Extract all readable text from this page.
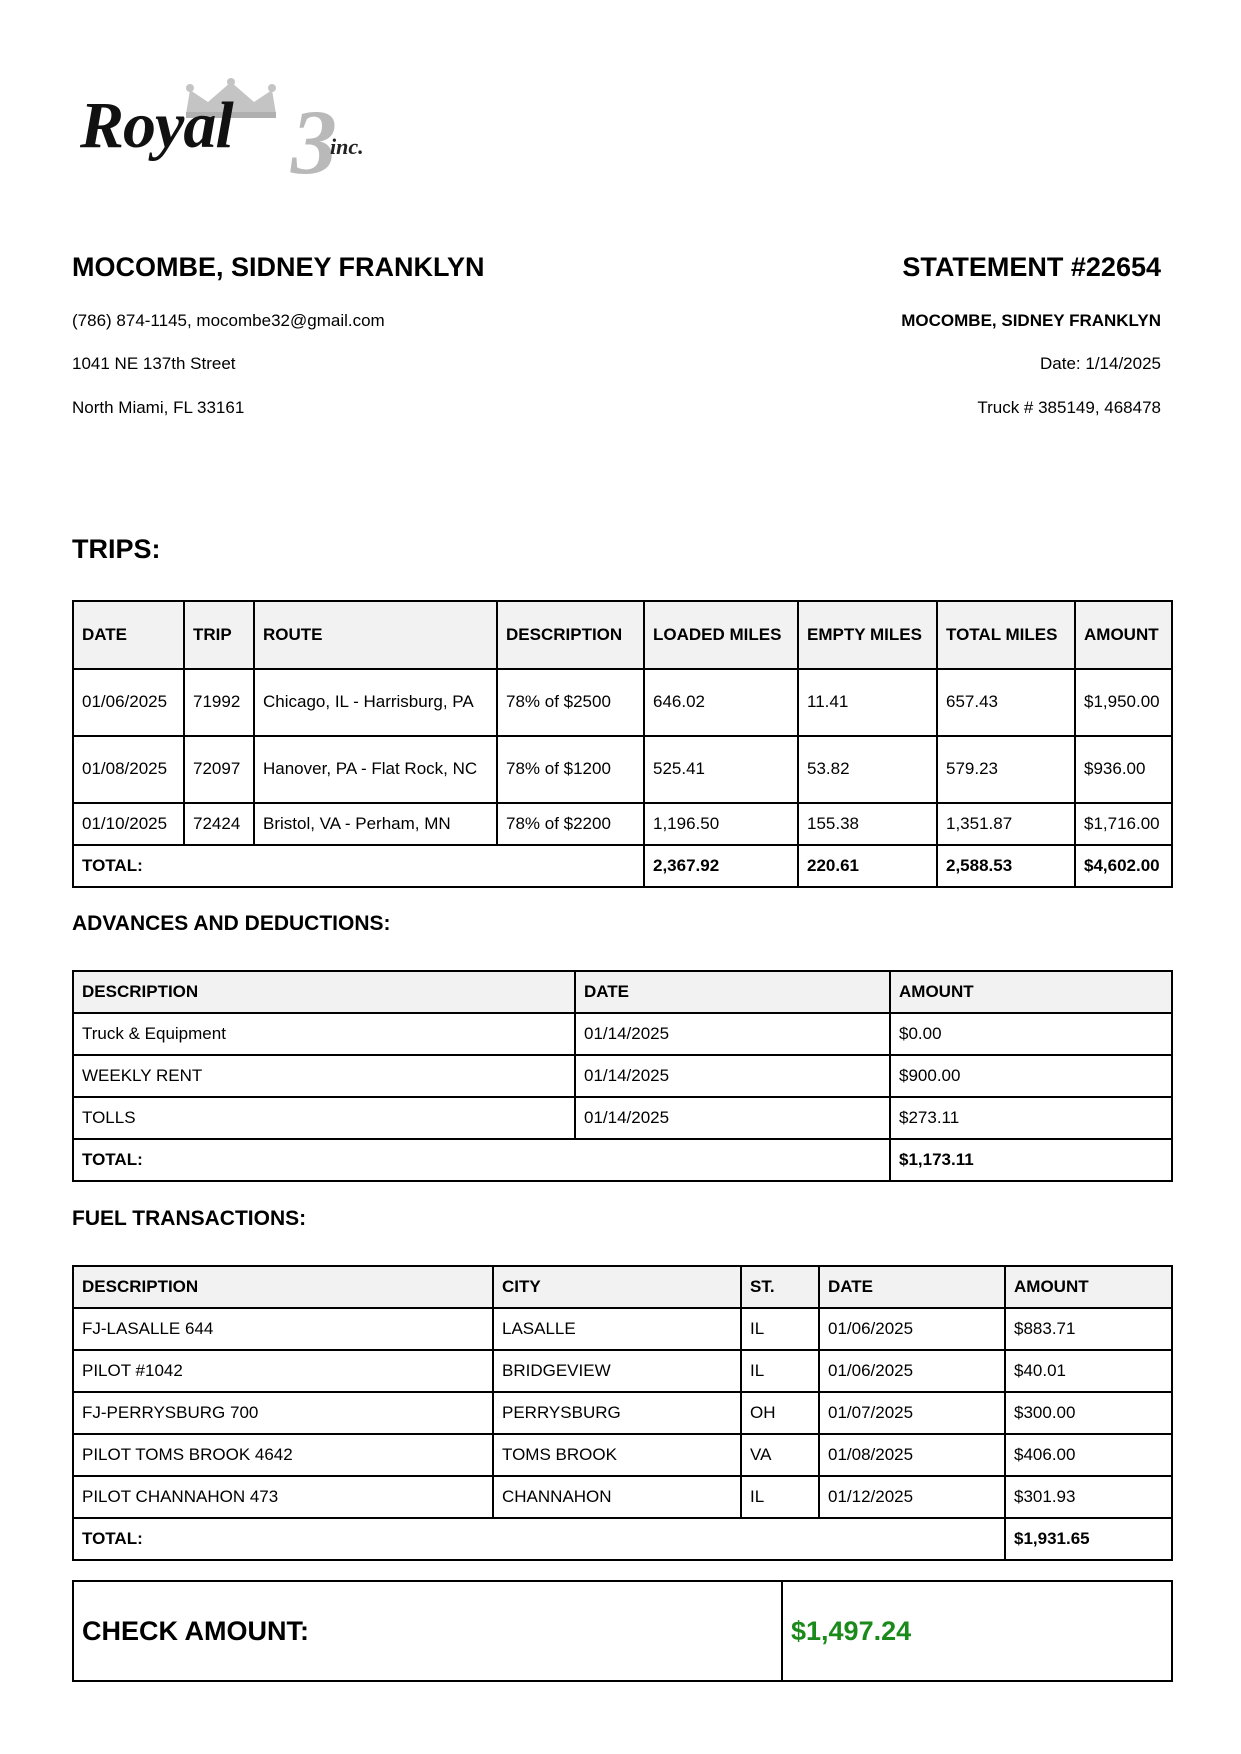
Royal 3
inc.
MOCOMBE, SIDNEY FRANKLYN	STATEMENT #22654
(786) 874-1145, mocombe32@gmail.com
1041 NE 137th Street
North Miami, FL 33161
MOCOMBE, SIDNEY FRANKLYN
Date: 1/14/2025
Truck # 385149, 468478
TRIPS:
DATE	TRIP	ROUTE	DESCRIPTION	LOADED MILES	EMPTY MILES	TOTAL MILES	AMOUNT
01/06/2025	71992	Chicago, IL - Harrisburg, PA	78% of $2500	646.02	11.41	657.43	$1,950.00
01/08/2025	72097	Hanover, PA - Flat Rock, NC	78% of $1200	525.41	53.82	579.23	$936.00
01/10/2025	72424	Bristol, VA - Perham, MN	78% of $2200	1,196.50	155.38	1,351.87	$1,716.00
TOTAL:				2,367.92	220.61	2,588.53	$4,602.00
ADVANCES AND DEDUCTIONS:
DESCRIPTION	DATE	AMOUNT
Truck & Equipment	01/14/2025	$0.00
WEEKLY RENT	01/14/2025	$900.00
TOLLS	01/14/2025	$273.11
TOTAL:		$1,173.11
FUEL TRANSACTIONS:
DESCRIPTION	CITY	ST.	DATE	AMOUNT
FJ-LASALLE 644	LASALLE	IL	01/06/2025	$883.71
PILOT #1042	BRIDGEVIEW	IL	01/06/2025	$40.01
FJ-PERRYSBURG 700	PERRYSBURG	OH	01/07/2025	$300.00
PILOT TOMS BROOK 4642	TOMS BROOK	VA	01/08/2025	$406.00
PILOT CHANNAHON 473	CHANNAHON	IL	01/12/2025	$301.93
TOTAL:				$1,931.65
CHECK AMOUNT:	$1,497.24
